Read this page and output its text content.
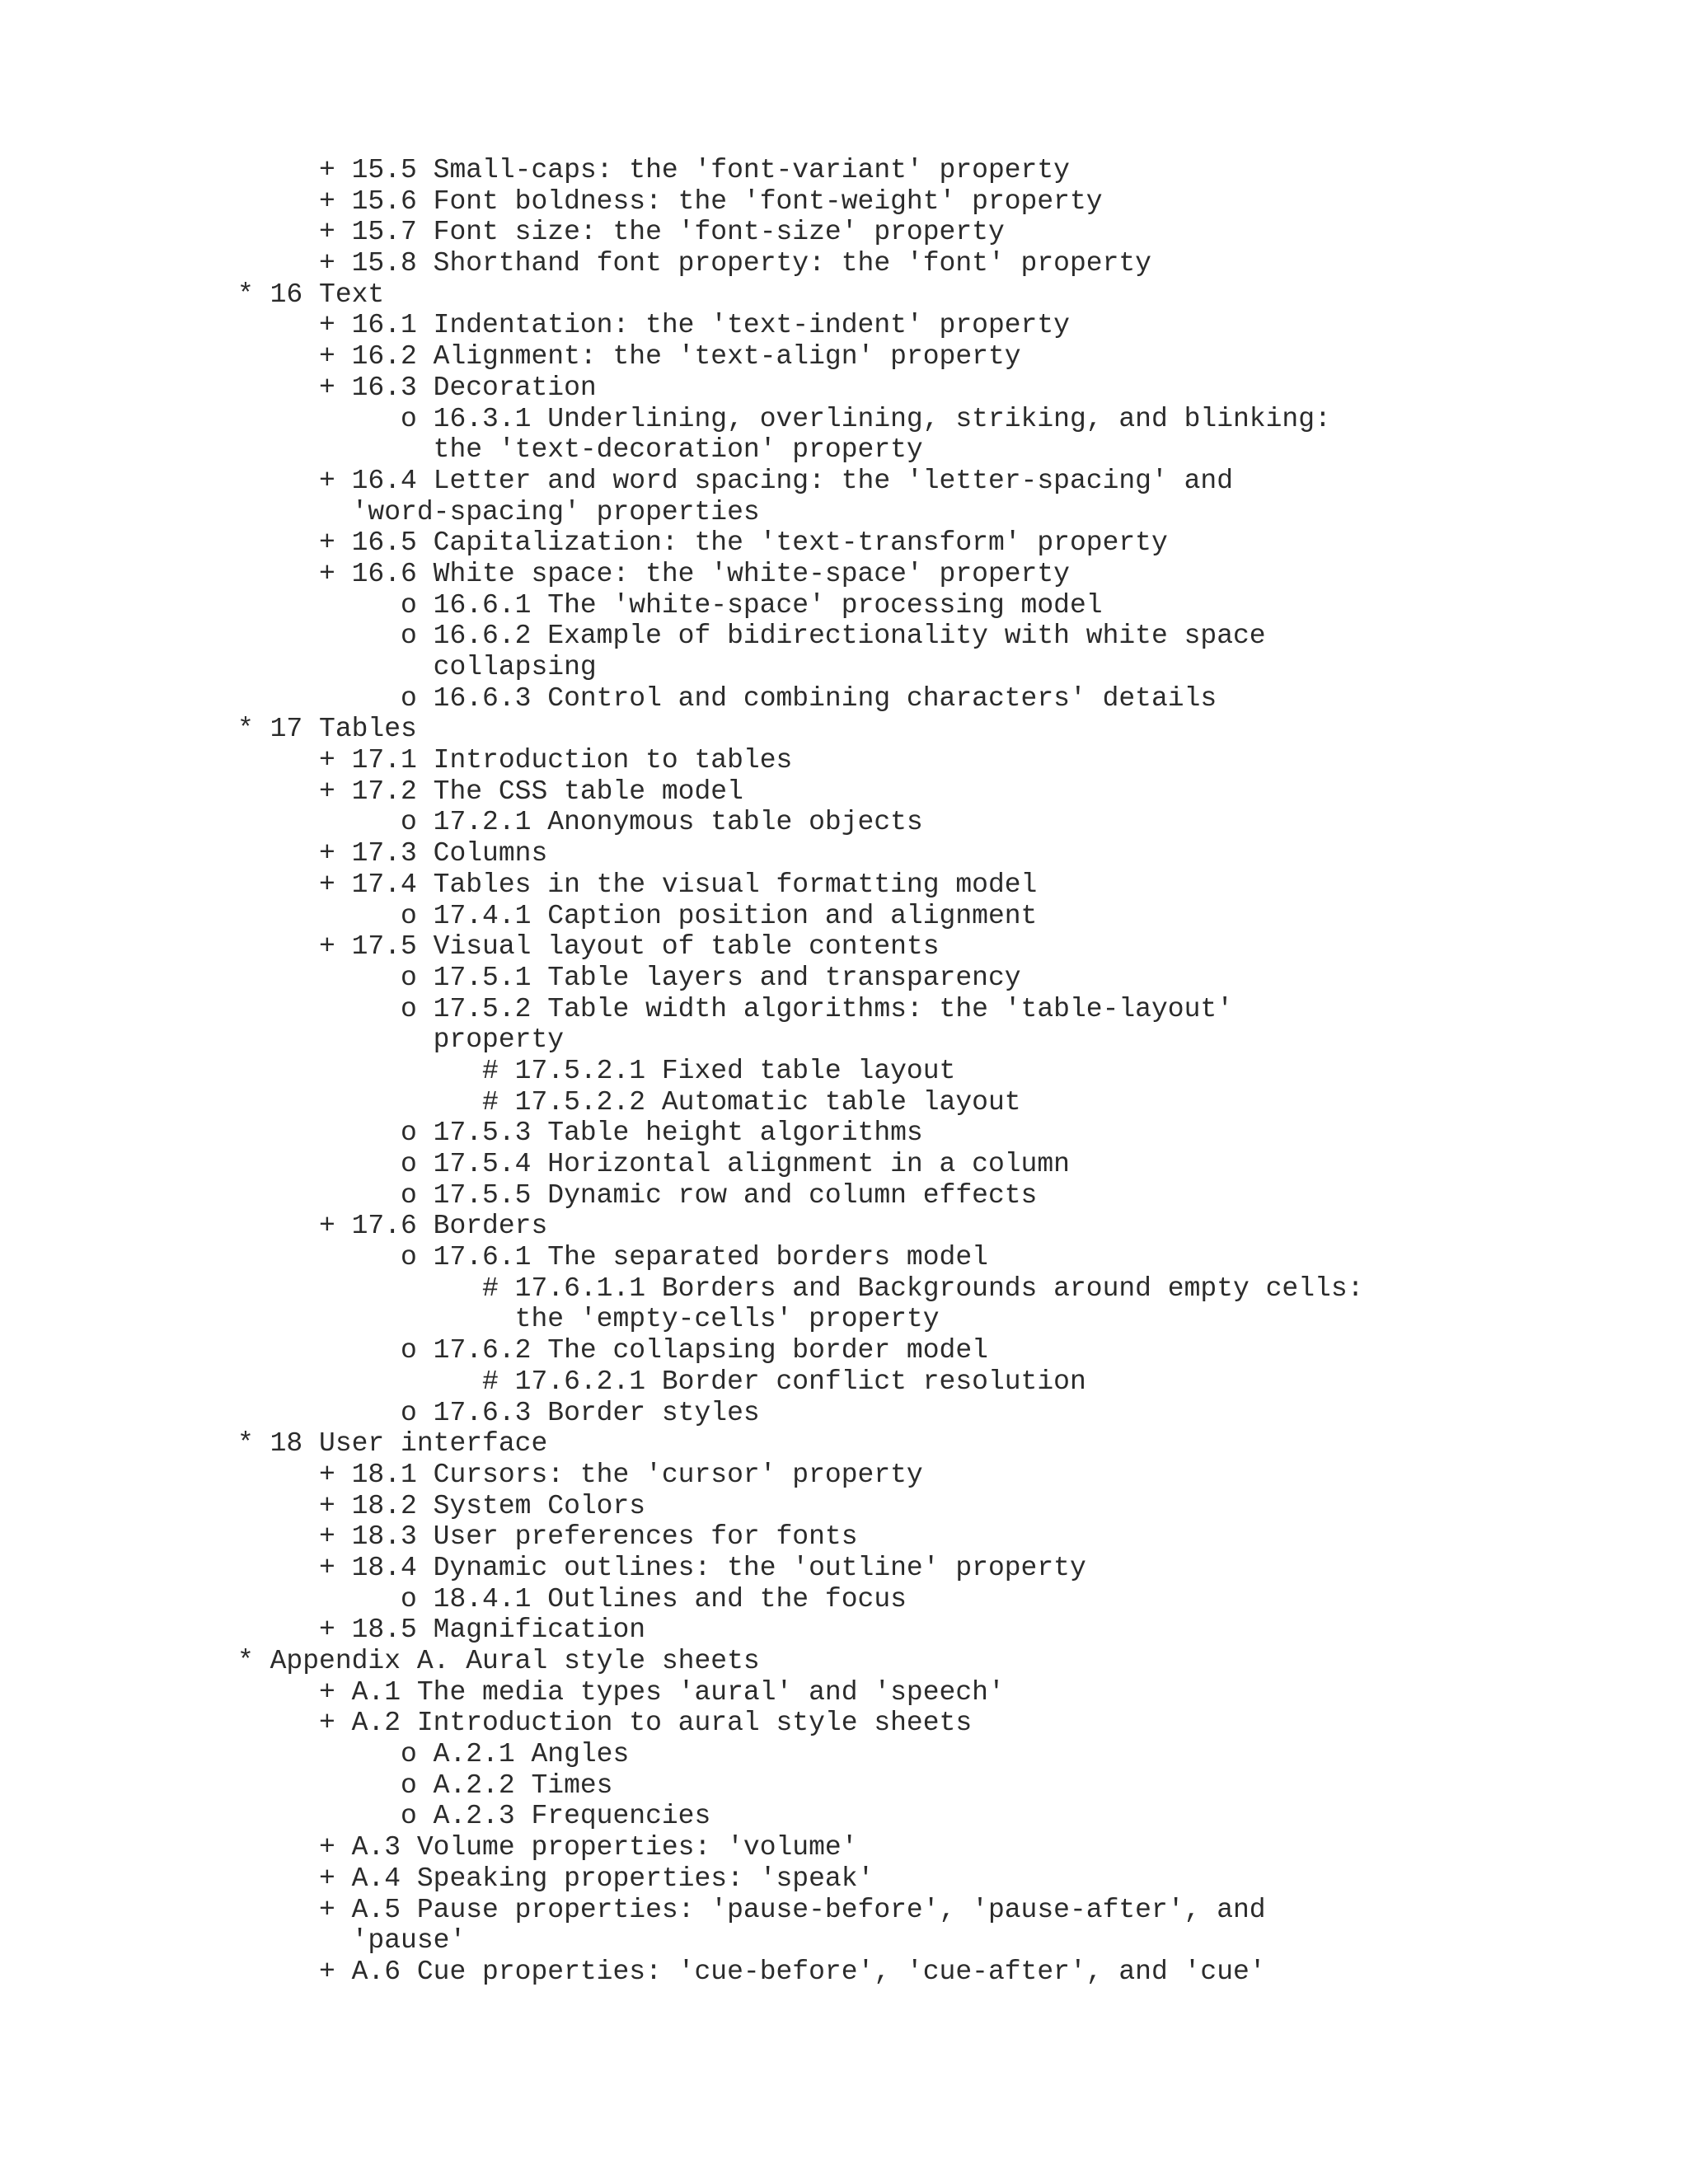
+ 15.5 Small-caps: the 'font-variant' property
+ 15.6 Font boldness: the 'font-weight' property
+ 15.7 Font size: the 'font-size' property
+ 15.8 Shorthand font property: the 'font' property
* 16 Text
+ 16.1 Indentation: the 'text-indent' property
+ 16.2 Alignment: the 'text-align' property
+ 16.3 Decoration
o 16.3.1 Underlining, overlining, striking, and blinking:
the 'text-decoration' property
+ 16.4 Letter and word spacing: the 'letter-spacing' and
'word-spacing' properties
+ 16.5 Capitalization: the 'text-transform' property
+ 16.6 White space: the 'white-space' property
o 16.6.1 The 'white-space' processing model
o 16.6.2 Example of bidirectionality with white space
collapsing
o 16.6.3 Control and combining characters' details
* 17 Tables
+ 17.1 Introduction to tables
+ 17.2 The CSS table model
o 17.2.1 Anonymous table objects
+ 17.3 Columns
+ 17.4 Tables in the visual formatting model
o 17.4.1 Caption position and alignment
+ 17.5 Visual layout of table contents
o 17.5.1 Table layers and transparency
o 17.5.2 Table width algorithms: the 'table-layout'
property
# 17.5.2.1 Fixed table layout
# 17.5.2.2 Automatic table layout
o 17.5.3 Table height algorithms
o 17.5.4 Horizontal alignment in a column
o 17.5.5 Dynamic row and column effects
+ 17.6 Borders
o 17.6.1 The separated borders model
# 17.6.1.1 Borders and Backgrounds around empty cells:
the 'empty-cells' property
o 17.6.2 The collapsing border model
# 17.6.2.1 Border conflict resolution
o 17.6.3 Border styles
* 18 User interface
+ 18.1 Cursors: the 'cursor' property
+ 18.2 System Colors
+ 18.3 User preferences for fonts
+ 18.4 Dynamic outlines: the 'outline' property
o 18.4.1 Outlines and the focus
+ 18.5 Magnification
* Appendix A. Aural style sheets
+ A.1 The media types 'aural' and 'speech'
+ A.2 Introduction to aural style sheets
o A.2.1 Angles
o A.2.2 Times
o A.2.3 Frequencies
+ A.3 Volume properties: 'volume'
+ A.4 Speaking properties: 'speak'
+ A.5 Pause properties: 'pause-before', 'pause-after', and
'pause'
+ A.6 Cue properties: 'cue-before', 'cue-after', and 'cue'
